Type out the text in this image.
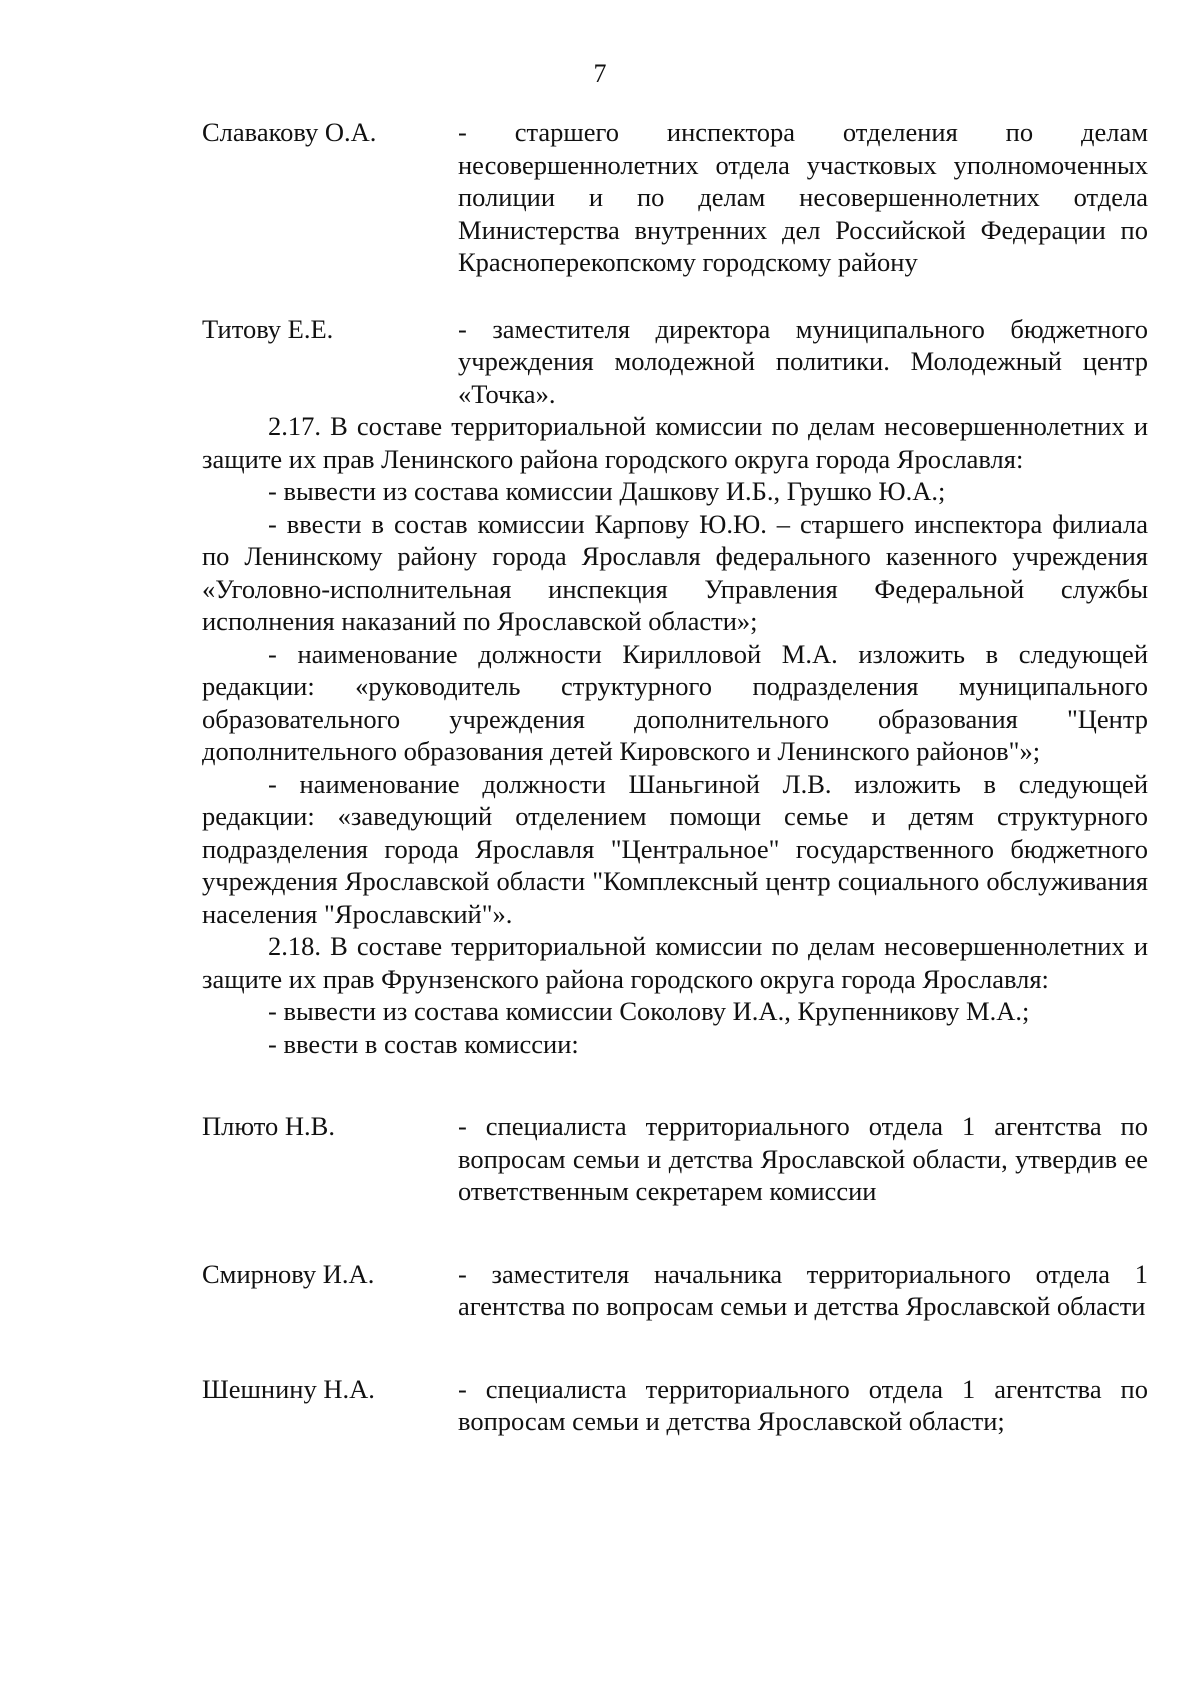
7
Славакову О.А.	- старшего инспектора отделения по делам несовершеннолетних отдела участковых уполномоченных полиции и по делам несовершеннолетних отдела Министерства внутренних дел Российской Федерации по Красноперекопскому городскому району
Титову Е.Е.	- заместителя директора муниципального бюджетного учреждения молодежной политики. Молодежный центр «Точка».

2.17. В составе территориальной комиссии по делам несовершеннолетних и защите их прав Ленинского района городского округа города Ярославля:

- вывести из состава комиссии Дашкову И.Б., Грушко Ю.А.;

- ввести в состав комиссии Карпову Ю.Ю. – старшего инспектора филиала по Ленинскому району города Ярославля федерального казенного учреждения «Уголовно-исполнительная инспекция Управления Федеральной службы исполнения наказаний по Ярославской области»;

- наименование должности Кирилловой М.А. изложить в следующей редакции: «руководитель структурного подразделения муниципального образовательного учреждения дополнительного образования "Центр дополнительного образования детей Кировского и Ленинского районов"»;

- наименование должности Шаньгиной Л.В. изложить в следующей редакции: «заведующий отделением помощи семье и детям структурного подразделения города Ярославля "Центральное" государственного бюджетного учреждения Ярославской области "Комплексный центр социального обслуживания населения "Ярославский"».

2.18. В составе территориальной комиссии по делам несовершеннолетних и защите их прав Фрунзенского района городского округа города Ярославля:

- вывести из состава комиссии Соколову И.А., Крупенникову М.А.;

- ввести в состав комиссии:

Плюто Н.В.	- специалиста территориального отдела 1 агентства по вопросам семьи и детства Ярославской области, утвердив ее ответственным секретарем комиссии
Смирнову И.А.	- заместителя начальника территориального отдела 1 агентства по вопросам семьи и детства Ярославской области
Шешнину Н.А.	- специалиста территориального отдела 1 агентства по вопросам семьи и детства Ярославской области;
